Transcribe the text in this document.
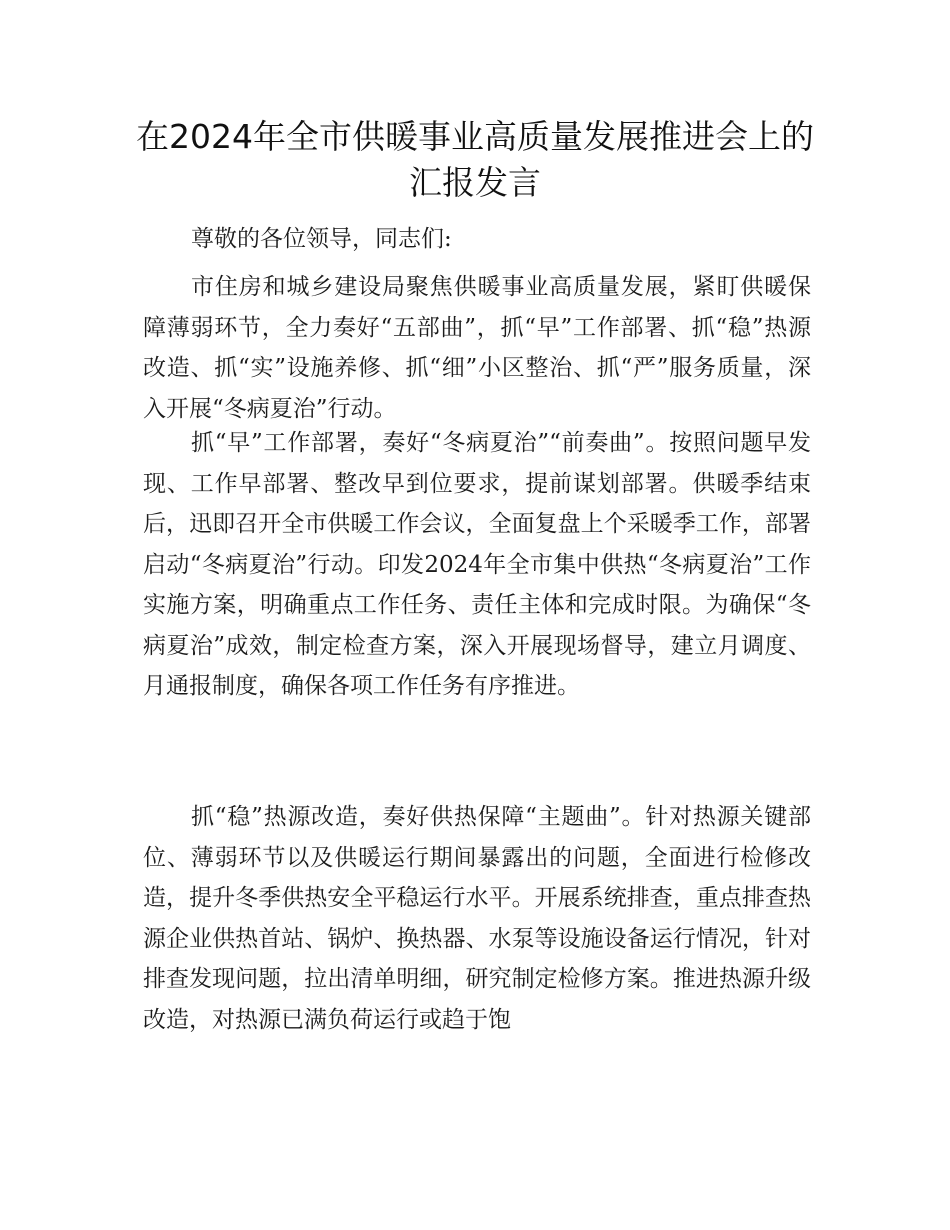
在2024年全市供暖事业高质量发展推进会上的
汇报发言

尊敬的各位领导，同志们:

市住房和城乡建设局聚焦供暖事业高质量发展，紧盯供暖保障薄弱环节，全力奏好“五部曲”，抓“早”工作部署、抓“稳”热源改造、抓“实”设施养修、抓“细”小区整治、抓“严”服务质量，深入开展“冬病夏治”行动。

抓“早”工作部署，奏好“冬病夏治”“前奏曲”。按照问题早发现、工作早部署、整改早到位要求，提前谋划部署。供暖季结束后，迅即召开全市供暖工作会议，全面复盘上个采暖季工作，部署启动“冬病夏治”行动。印发2024年全市集中供热“冬病夏治”工作实施方案，明确重点工作任务、责任主体和完成时限。为确保“冬病夏治”成效，制定检查方案，深入开展现场督导，建立月调度、月通报制度，确保各项工作任务有序推进。

抓“稳”热源改造，奏好供热保障“主题曲”。针对热源关键部位、薄弱环节以及供暖运行期间暴露出的问题，全面进行检修改造，提升冬季供热安全平稳运行水平。开展系统排查，重点排查热源企业供热首站、锅炉、换热器、水泵等设施设备运行情况，针对排查发现问题，拉出清单明细，研究制定检修方案。推进热源升级改造，对热源已满负荷运行或趋于饱
